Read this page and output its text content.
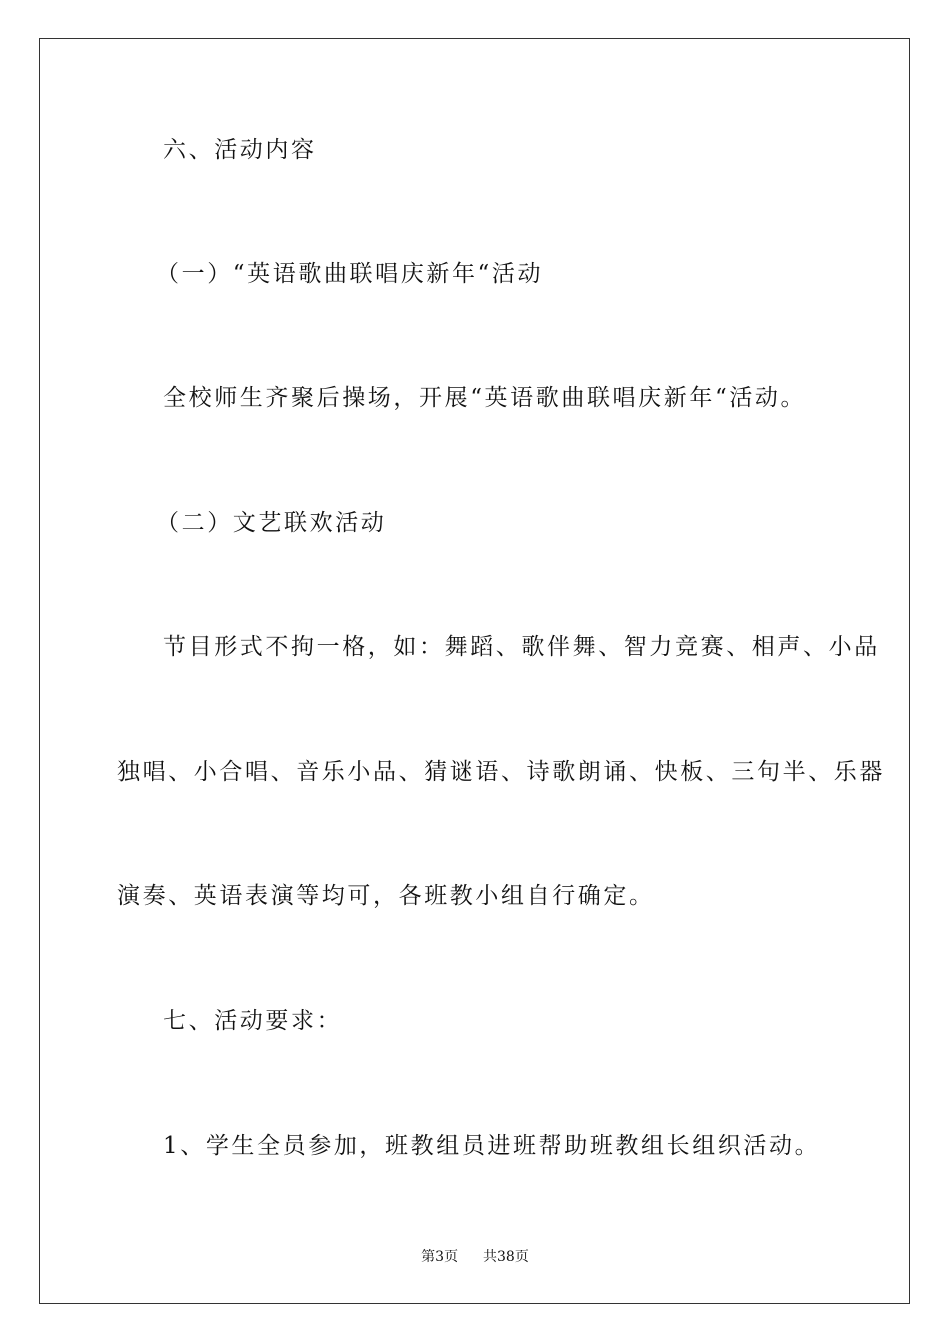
六、活动内容
（一）“英语歌曲联唱庆新年“活动
全校师生齐聚后操场，开展“英语歌曲联唱庆新年“活动。
（二）文艺联欢活动
节目形式不拘一格，如：舞蹈、歌伴舞、智力竞赛、相声、小品
独唱、小合唱、音乐小品、猜谜语、诗歌朗诵、快板、三句半、乐器
演奏、英语表演等均可，各班教小组自行确定。
七、活动要求：
1、学生全员参加，班教组员进班帮助班教组长组织活动。
第3页 共38页
